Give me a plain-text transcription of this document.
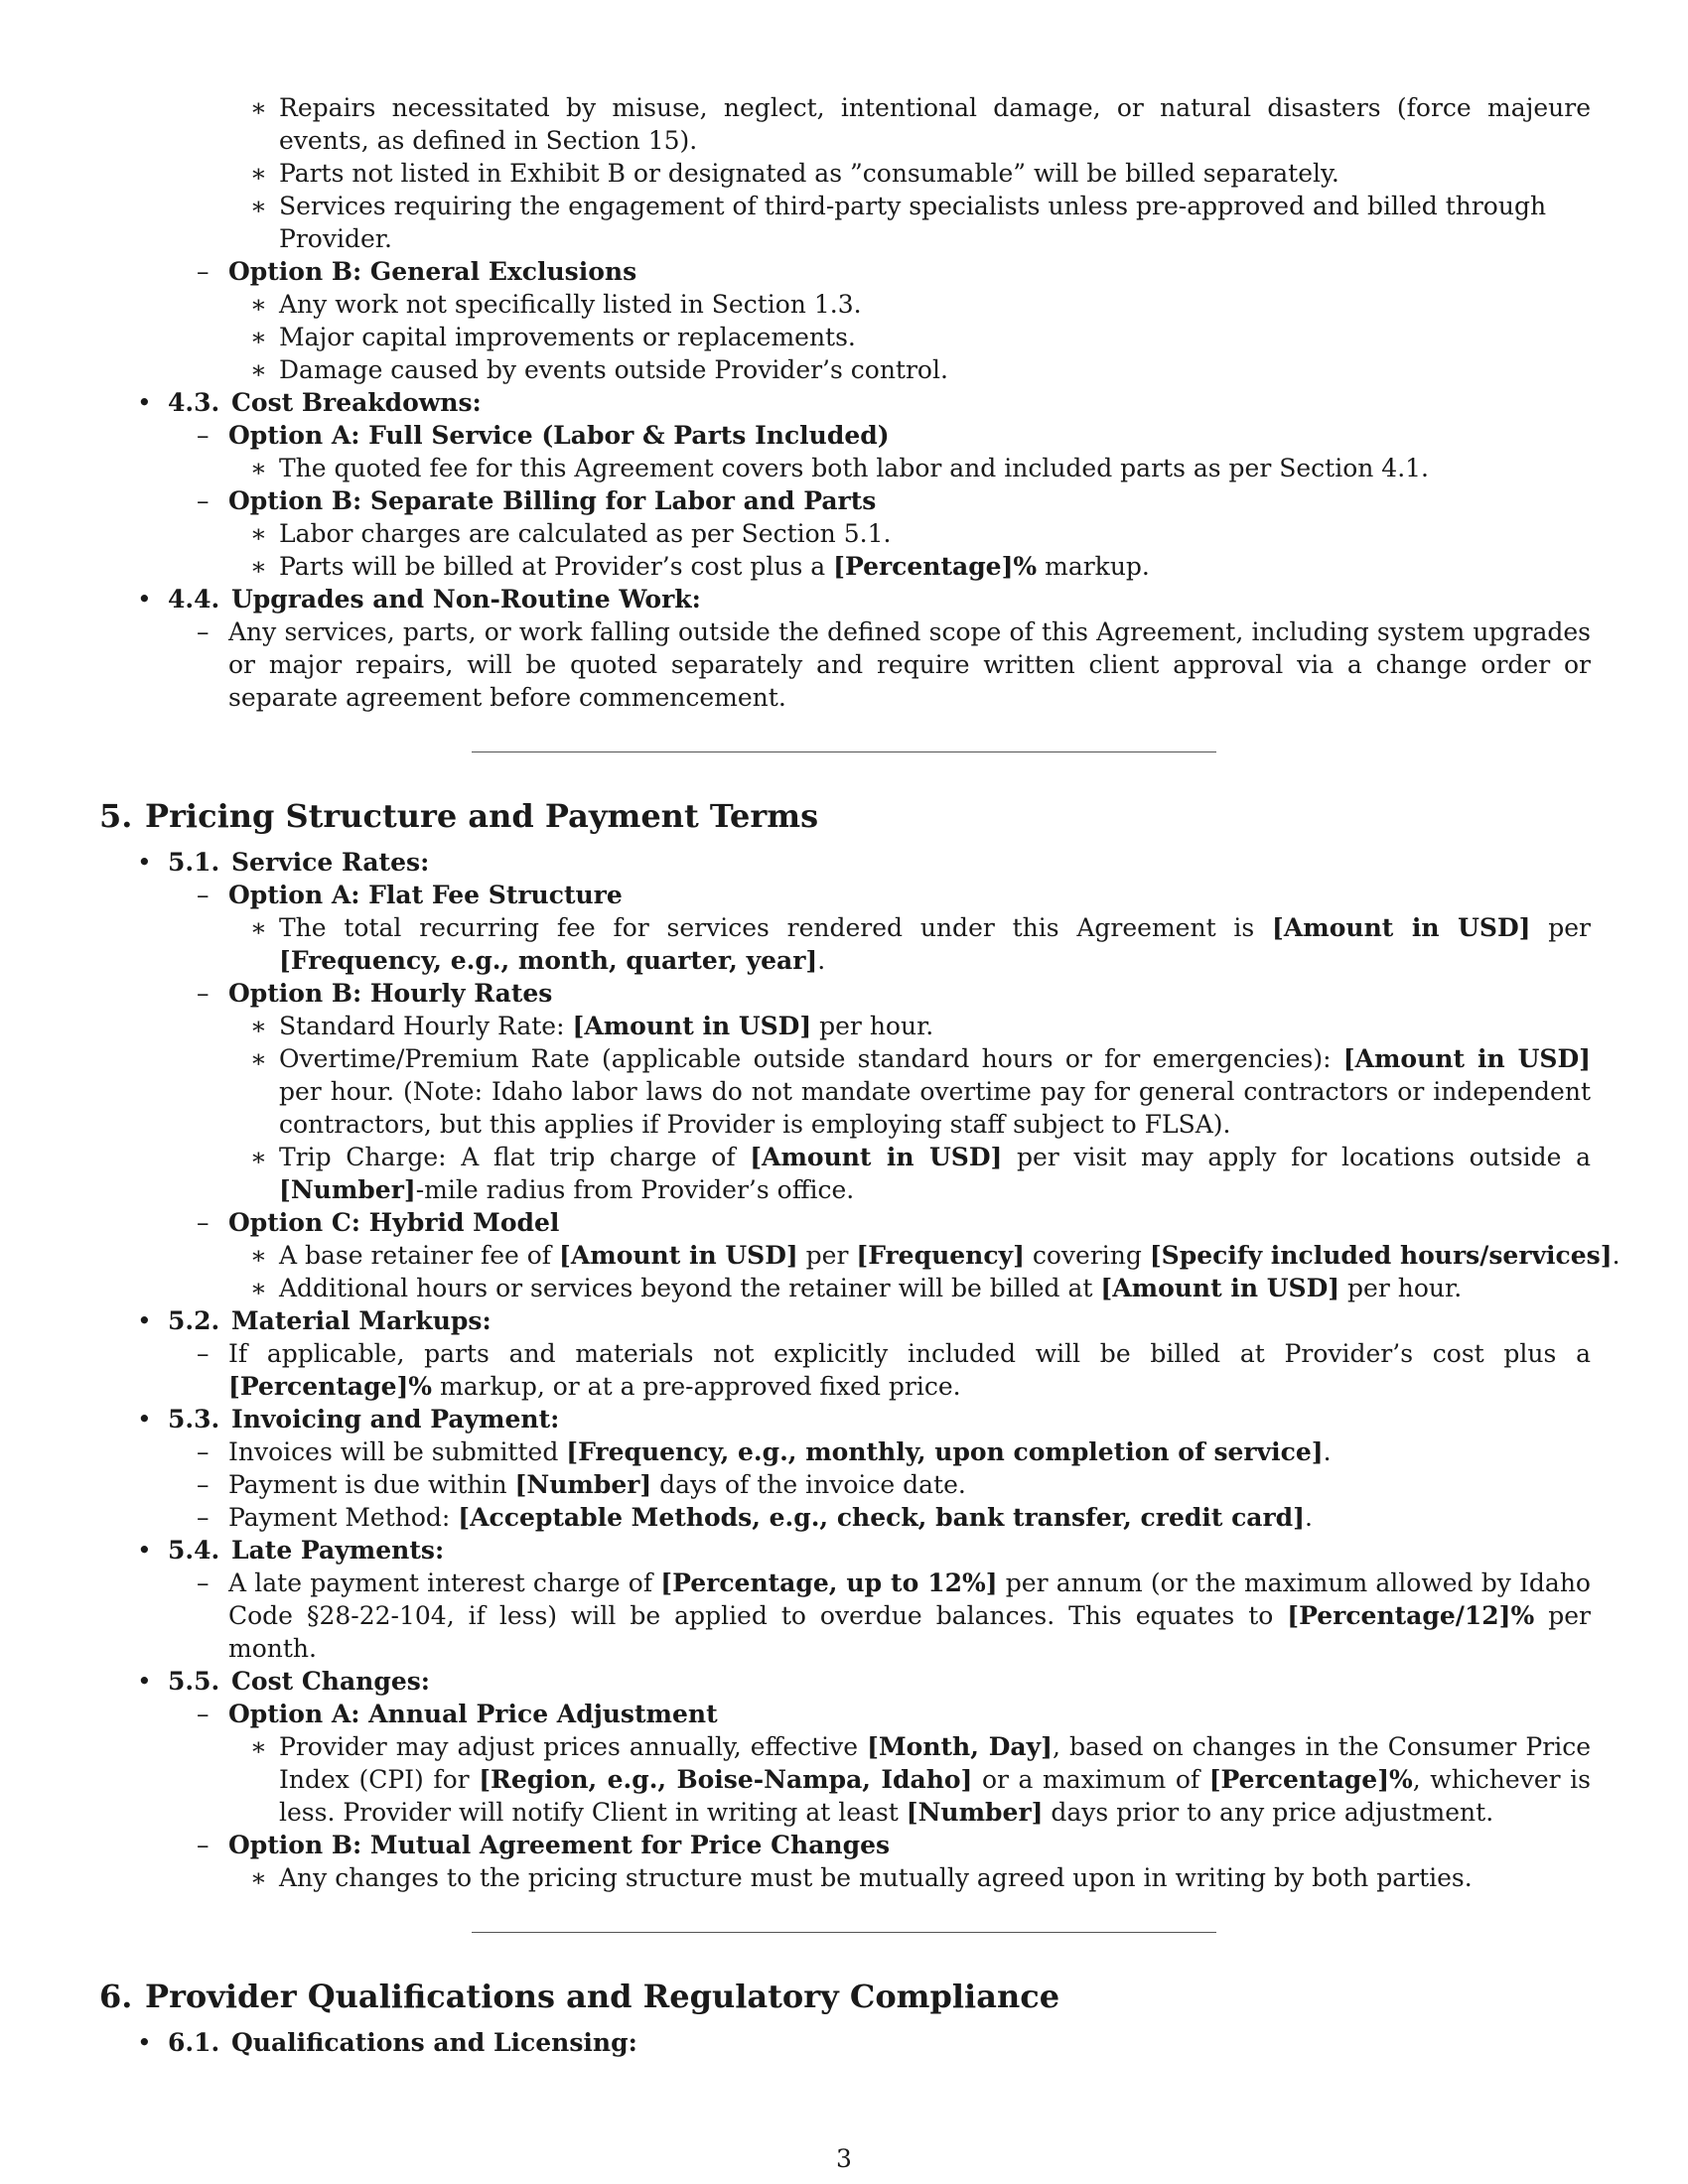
∗ Repairs necessitated by misuse, neglect, intentional damage, or natural disasters (force majeure events, as defined in Section 15).
∗ Parts not listed in Exhibit B or designated as ”consumable” will be billed separately.
∗ Services requiring the engagement of third-party specialists unless pre-approved and billed through Provider.
– Option B: General Exclusions
∗ Any work not specifically listed in Section 1.3.
∗ Major capital improvements or replacements.
∗ Damage caused by events outside Provider’s control.
• 4.3. Cost Breakdowns:
– Option A: Full Service (Labor & Parts Included)
∗ The quoted fee for this Agreement covers both labor and included parts as per Section 4.1.
– Option B: Separate Billing for Labor and Parts
∗ Labor charges are calculated as per Section 5.1.
∗ Parts will be billed at Provider’s cost plus a [Percentage]% markup.
• 4.4. Upgrades and Non-Routine Work:
– Any services, parts, or work falling outside the defined scope of this Agreement, including system upgrades or major repairs, will be quoted separately and require written client approval via a change order or separate agreement before commencement.
5. Pricing Structure and Payment Terms
• 5.1. Service Rates:
– Option A: Flat Fee Structure
∗ The total recurring fee for services rendered under this Agreement is [Amount in USD] per [Frequency, e.g., month, quarter, year].
– Option B: Hourly Rates
∗ Standard Hourly Rate: [Amount in USD] per hour.
∗ Overtime/Premium Rate (applicable outside standard hours or for emergencies): [Amount in USD] per hour. (Note: Idaho labor laws do not mandate overtime pay for general contractors or independent contractors, but this applies if Provider is employing staff subject to FLSA).
∗ Trip Charge: A flat trip charge of [Amount in USD] per visit may apply for locations outside a [Number]-mile radius from Provider’s office.
– Option C: Hybrid Model
∗ A base retainer fee of [Amount in USD] per [Frequency] covering [Specify included hours/services].
∗ Additional hours or services beyond the retainer will be billed at [Amount in USD] per hour.
• 5.2. Material Markups:
– If applicable, parts and materials not explicitly included will be billed at Provider’s cost plus a [Percentage]% markup, or at a pre-approved fixed price.
• 5.3. Invoicing and Payment:
– Invoices will be submitted [Frequency, e.g., monthly, upon completion of service].
– Payment is due within [Number] days of the invoice date.
– Payment Method: [Acceptable Methods, e.g., check, bank transfer, credit card].
• 5.4. Late Payments:
– A late payment interest charge of [Percentage, up to 12%] per annum (or the maximum allowed by Idaho Code §28-22-104, if less) will be applied to overdue balances. This equates to [Percentage/12]% per month.
• 5.5. Cost Changes:
– Option A: Annual Price Adjustment
∗ Provider may adjust prices annually, effective [Month, Day], based on changes in the Consumer Price Index (CPI) for [Region, e.g., Boise-Nampa, Idaho] or a maximum of [Percentage]%, whichever is less. Provider will notify Client in writing at least [Number] days prior to any price adjustment.
– Option B: Mutual Agreement for Price Changes
∗ Any changes to the pricing structure must be mutually agreed upon in writing by both parties.
6. Provider Qualifications and Regulatory Compliance
• 6.1. Qualifications and Licensing:
3
